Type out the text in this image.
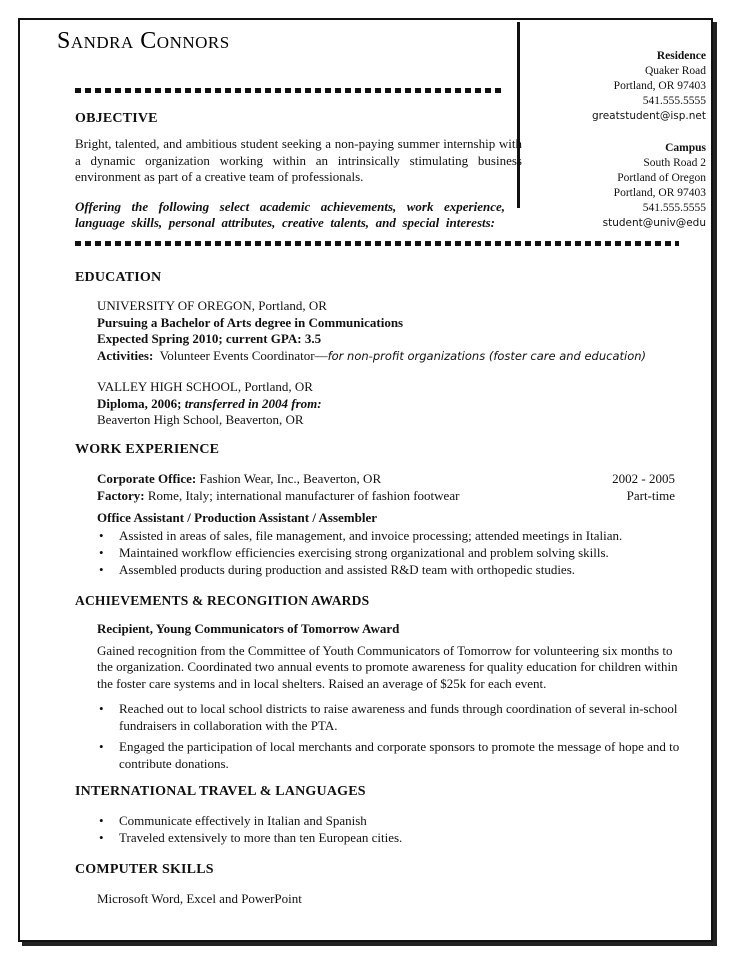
Sandra Connors
Residence
Quaker Road
Portland, OR 97403
541.555.5555
greatstudent@isp.net
Campus
South Road 2
Portland of Oregon
Portland, OR 97403
541.555.5555
student@univ@edu
OBJECTIVE
Bright, talented, and ambitious student seeking a non-paying summer internship with a dynamic organization working within an intrinsically stimulating business environment as part of a creative team of professionals.
Offering the following select academic achievements, work experience,
language skills, personal attributes, creative talents, and special interests:
EDUCATION
UNIVERSITY OF OREGON, Portland, OR
Pursuing a Bachelor of Arts degree in Communications
Expected Spring 2010; current GPA: 3.5
Activities: Volunteer Events Coordinator—for non-profit organizations (foster care and education)
VALLEY HIGH SCHOOL, Portland, OR
Diploma, 2006; transferred in 2004 from:
Beaverton High School, Beaverton, OR
WORK EXPERIENCE
Corporate Office: Fashion Wear, Inc., Beaverton, OR	2002 - 2005
Factory: Rome, Italy; international manufacturer of fashion footwear	Part-time
Office Assistant / Production Assistant / Assembler
• Assisted in areas of sales, file management, and invoice processing; attended meetings in Italian.
• Maintained workflow efficiencies exercising strong organizational and problem solving skills.
• Assembled products during production and assisted R&D team with orthopedic studies.
ACHIEVEMENTS & RECONGITION AWARDS
Recipient, Young Communicators of Tomorrow Award
Gained recognition from the Committee of Youth Communicators of Tomorrow for volunteering six months to the organization. Coordinated two annual events to promote awareness for quality education for children within the foster care systems and in local shelters. Raised an average of $25k for each event.
• Reached out to local school districts to raise awareness and funds through coordination of several in-school fundraisers in collaboration with the PTA.
• Engaged the participation of local merchants and corporate sponsors to promote the message of hope and to contribute donations.
INTERNATIONAL TRAVEL & LANGUAGES
• Communicate effectively in Italian and Spanish
• Traveled extensively to more than ten European cities.
COMPUTER SKILLS
Microsoft Word, Excel and PowerPoint
